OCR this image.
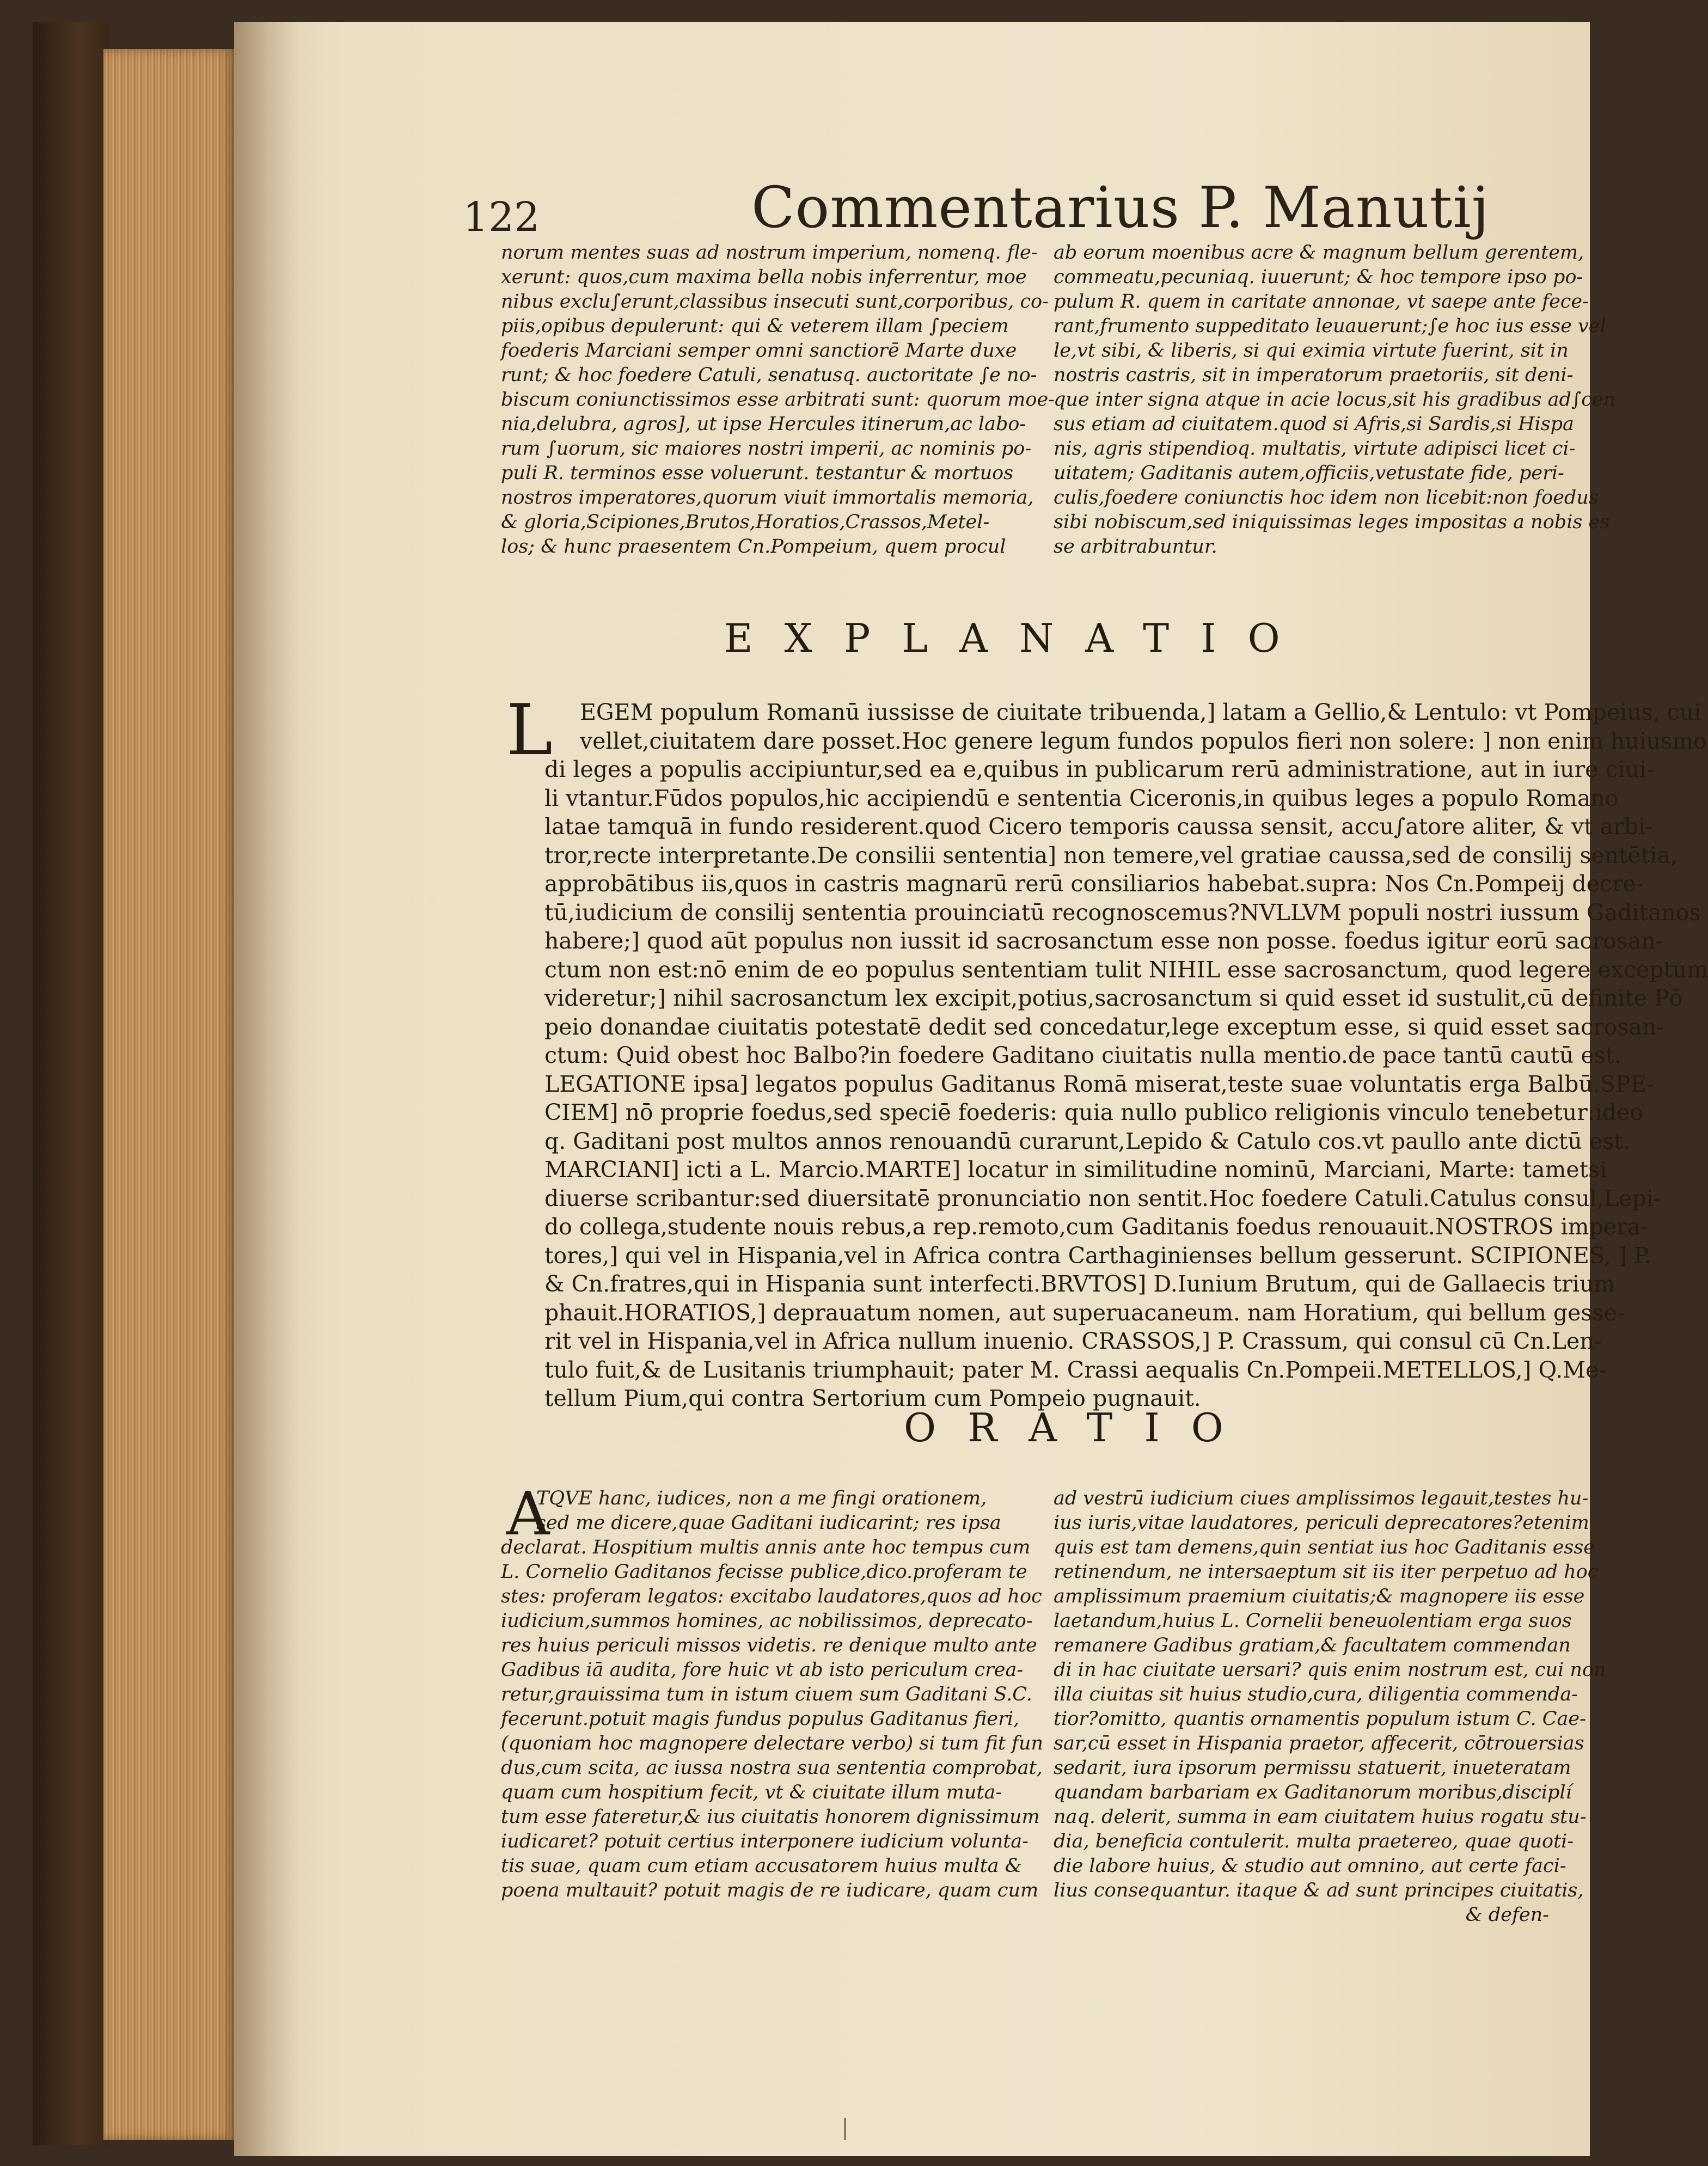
122	Commentarius P. Manutij
norum mentes suas ad nostrum imperium, nomenq. fle-
xerunt: quos,cum maxima bella nobis inferrentur, moe
nibus exclu∫erunt,classibus insecuti sunt,corporibus, co-
piis,opibus depulerunt: qui & veterem illam ∫peciem
foederis Marciani semper omni sanctiorē Marte duxe
runt; & hoc foedere Catuli, senatusq. auctoritate ∫e no-
biscum coniunctissimos esse arbitrati sunt: quorum moe-
nia,delubra, agros], ut ipse Hercules itinerum,ac labo-
rum ∫uorum, sic maiores nostri imperii, ac nominis po-
puli R. terminos esse voluerunt. testantur & mortuos
nostros imperatores,quorum viuit immortalis memoria,
& gloria,Scipiones,Brutos,Horatios,Crassos,Metel-
los; & hunc praesentem Cn.Pompeium, quem procul
ab eorum moenibus acre & magnum bellum gerentem,
commeatu,pecuniaq. iuuerunt; & hoc tempore ipso po-
pulum R. quem in caritate annonae, vt saepe ante fece-
rant,frumento suppeditato leuauerunt;∫e hoc ius esse vel
le,vt sibi, & liberis, si qui eximia virtute fuerint, sit in
nostris castris, sit in imperatorum praetoriis, sit deni-
que inter signa atque in acie locus,sit his gradibus ad∫cen
sus etiam ad ciuitatem.quod si Afris,si Sardis,si Hispa
nis, agris stipendioq. multatis, virtute adipisci licet ci-
uitatem; Gaditanis autem,officiis,vetustate fide, peri-
culis,foedere coniunctis hoc idem non licebit:non foedus
sibi nobiscum,sed iniquissimas leges impositas a nobis es
se arbitrabuntur.
EXPLANATIO
L	EGEM populum Romanū iussisse de ciuitate tribuenda,] latam a Gellio,& Lentulo: vt Pompeius, cui
vellet,ciuitatem dare posset.Hoc genere legum fundos populos fieri non solere: ] non enim huiusmo
di leges a populis accipiuntur,sed ea e,quibus in publicarum rerū administratione, aut in iure ciui-
li vtantur.Fūdos populos,hic accipiendū e sententia Ciceronis,in quibus leges a populo Romano
latae tamquā in fundo residerent.quod Cicero temporis caussa sensit, accu∫atore aliter, & vt arbi-
tror,recte interpretante.De consilii sententia] non temere,vel gratiae caussa,sed de consilij sentētia,
approbātibus iis,quos in castris magnarū rerū consiliarios habebat.supra: Nos Cn.Pompeij decre-
tū,iudicium de consilij sententia prouinciatū recognoscemus?NVLLVM populi nostri iussum Gaditanos
habere;] quod aūt populus non iussit id sacrosanctum esse non posse. foedus igitur eorū sacrosan-
ctum non est:nō enim de eo populus sententiam tulit NIHIL esse sacrosanctum, quod legere exceptum
videretur;] nihil sacrosanctum lex excipit,potius,sacrosanctum si quid esset id sustulit,cū definite Pō
peio donandae ciuitatis potestatē dedit sed concedatur,lege exceptum esse, si quid esset sacrosan-
ctum: Quid obest hoc Balbo?in foedere Gaditano ciuitatis nulla mentio.de pace tantū cautū est.
LEGATIONE ipsa] legatos populus Gaditanus Romā miserat,teste suae voluntatis erga Balbū.SPE-
CIEM] nō proprie foedus,sed speciē foederis: quia nullo publico religionis vinculo tenebetur:ideo
q. Gaditani post multos annos renouandū curarunt,Lepido & Catulo cos.vt paullo ante dictū est.
MARCIANI] icti a L. Marcio.MARTE] locatur in similitudine nominū, Marciani, Marte: tametsi
diuerse scribantur:sed diuersitatē pronunciatio non sentit.Hoc foedere Catuli.Catulus consul,Lepi-
do collega,studente nouis rebus,a rep.remoto,cum Gaditanis foedus renouauit.NOSTROS impera-
tores,] qui vel in Hispania,vel in Africa contra Carthaginienses bellum gesserunt. SCIPIONES, ] P.
& Cn.fratres,qui in Hispania sunt interfecti.BRVTOS] D.Iunium Brutum, qui de Gallaecis trium
phauit.HORATIOS,] deprauatum nomen, aut superuacaneum. nam Horatium, qui bellum gesse-
rit vel in Hispania,vel in Africa nullum inuenio. CRASSOS,] P. Crassum, qui consul cū Cn.Len-
tulo fuit,& de Lusitanis triumphauit; pater M. Crassi aequalis Cn.Pompeii.METELLOS,] Q.Me-
tellum Pium,qui contra Sertorium cum Pompeio pugnauit.
ORATIO
A
TQVE hanc, iudices, non a me fingi orationem,
sed me dicere,quae Gaditani iudicarint; res ipsa
declarat. Hospitium multis annis ante hoc tempus cum
L. Cornelio Gaditanos fecisse publice,dico.proferam te
stes: proferam legatos: excitabo laudatores,quos ad hoc
iudicium,summos homines, ac nobilissimos, deprecato-
res huius periculi missos videtis. re denique multo ante
Gadibus iā audita, fore huic vt ab isto periculum crea-
retur,grauissima tum in istum ciuem sum Gaditani S.C.
fecerunt.potuit magis fundus populus Gaditanus fieri,
(quoniam hoc magnopere delectare verbo) si tum fit fun
dus,cum scita, ac iussa nostra sua sententia comprobat,
quam cum hospitium fecit, vt & ciuitate illum muta-
tum esse fateretur,& ius ciuitatis honorem dignissimum
iudicaret? potuit certius interponere iudicium volunta-
tis suae, quam cum etiam accusatorem huius multa &
poena multauit? potuit magis de re iudicare, quam cum
ad vestrū iudicium ciues amplissimos legauit,testes hu-
ius iuris,vitae laudatores, periculi deprecatores?etenim
quis est tam demens,quin sentiat ius hoc Gaditanis esse
retinendum, ne intersaeptum sit iis iter perpetuo ad hoc
amplissimum praemium ciuitatis;& magnopere iis esse
laetandum,huius L. Cornelii beneuolentiam erga suos
remanere Gadibus gratiam,& facultatem commendan
di in hac ciuitate uersari? quis enim nostrum est, cui non
illa ciuitas sit huius studio,cura, diligentia commenda-
tior?omitto, quantis ornamentis populum istum C. Cae-
sar,cū esset in Hispania praetor, affecerit, cōtrouersias
sedarit, iura ipsorum permissu statuerit, inueteratam
quandam barbariam ex Gaditanorum moribus,disciplí
naq. delerit, summa in eam ciuitatem huius rogatu stu-
dia, beneficia contulerit. multa praetereo, quae quoti-
die labore huius, & studio aut omnino, aut certe faci-
lius consequantur. itaque & ad sunt principes ciuitatis,
& defen-
